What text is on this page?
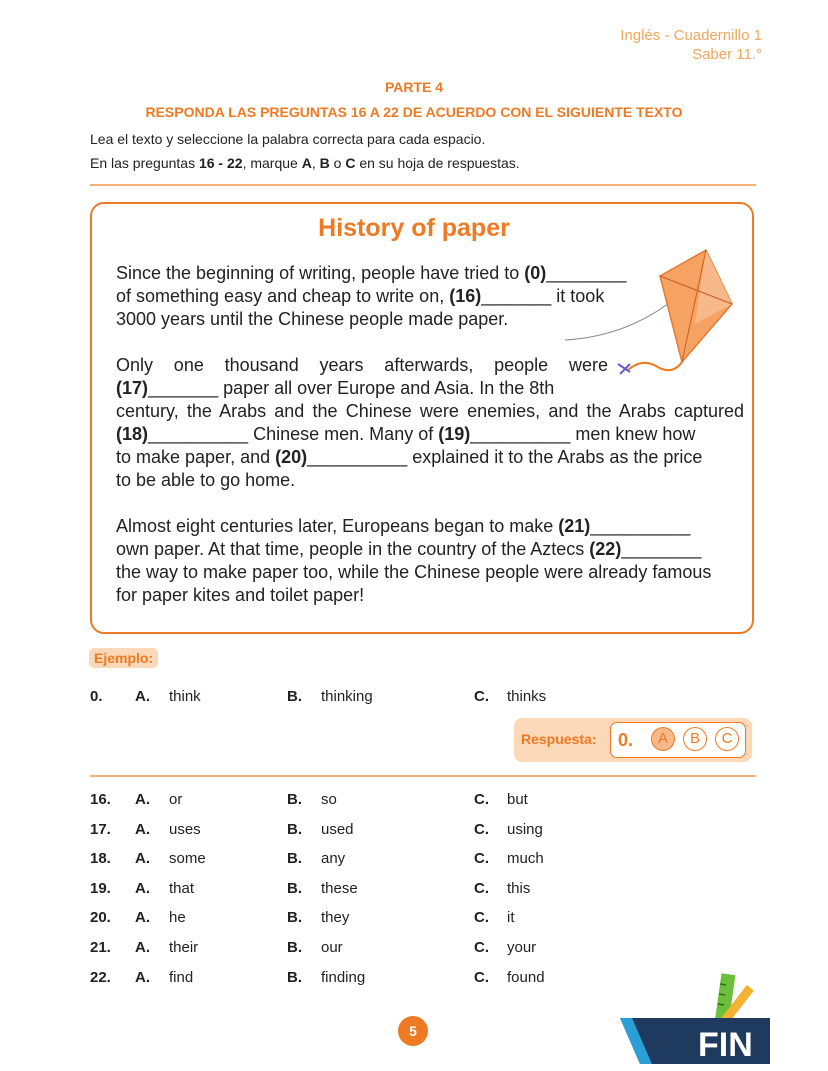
Inglés - Cuadernillo 1
Saber 11.°
PARTE 4
RESPONDA LAS PREGUNTAS 16 A 22 DE ACUERDO CON EL SIGUIENTE TEXTO
Lea el texto y seleccione la palabra correcta para cada espacio.
En las preguntas 16 - 22, marque A, B o C en su hoja de respuestas.
History of paper
Since the beginning of writing, people have tried to (0)________
of something easy and cheap to write on, (16)_______ it took
3000 years until the Chinese people made paper.
Only one thousand years afterwards, people were
(17)_______ paper all over Europe and Asia. In the 8th
century, the Arabs and the Chinese were enemies, and the Arabs captured
(18)__________ Chinese men. Many of (19)__________ men knew how
to make paper, and (20)__________ explained it to the Arabs as the price
to be able to go home.
Almost eight centuries later, Europeans began to make (21)__________
own paper. At that time, people in the country of the Aztecs (22)________
the way to make paper too, while the Chinese people were already famous
for paper kites and toilet paper!
Ejemplo:
0. A. think	B. thinking	C. thinks
Respuesta: 0.	A	B	C
16. A. or	B. so	C. but
17. A. uses	B. used	C. using
18. A. some	B. any	C. much
19. A. that	B. these	C. this
20. A. he	B. they	C. it
21. A. their	B. our	C. your
22. A. find	B. finding	C. found
5	FIN
